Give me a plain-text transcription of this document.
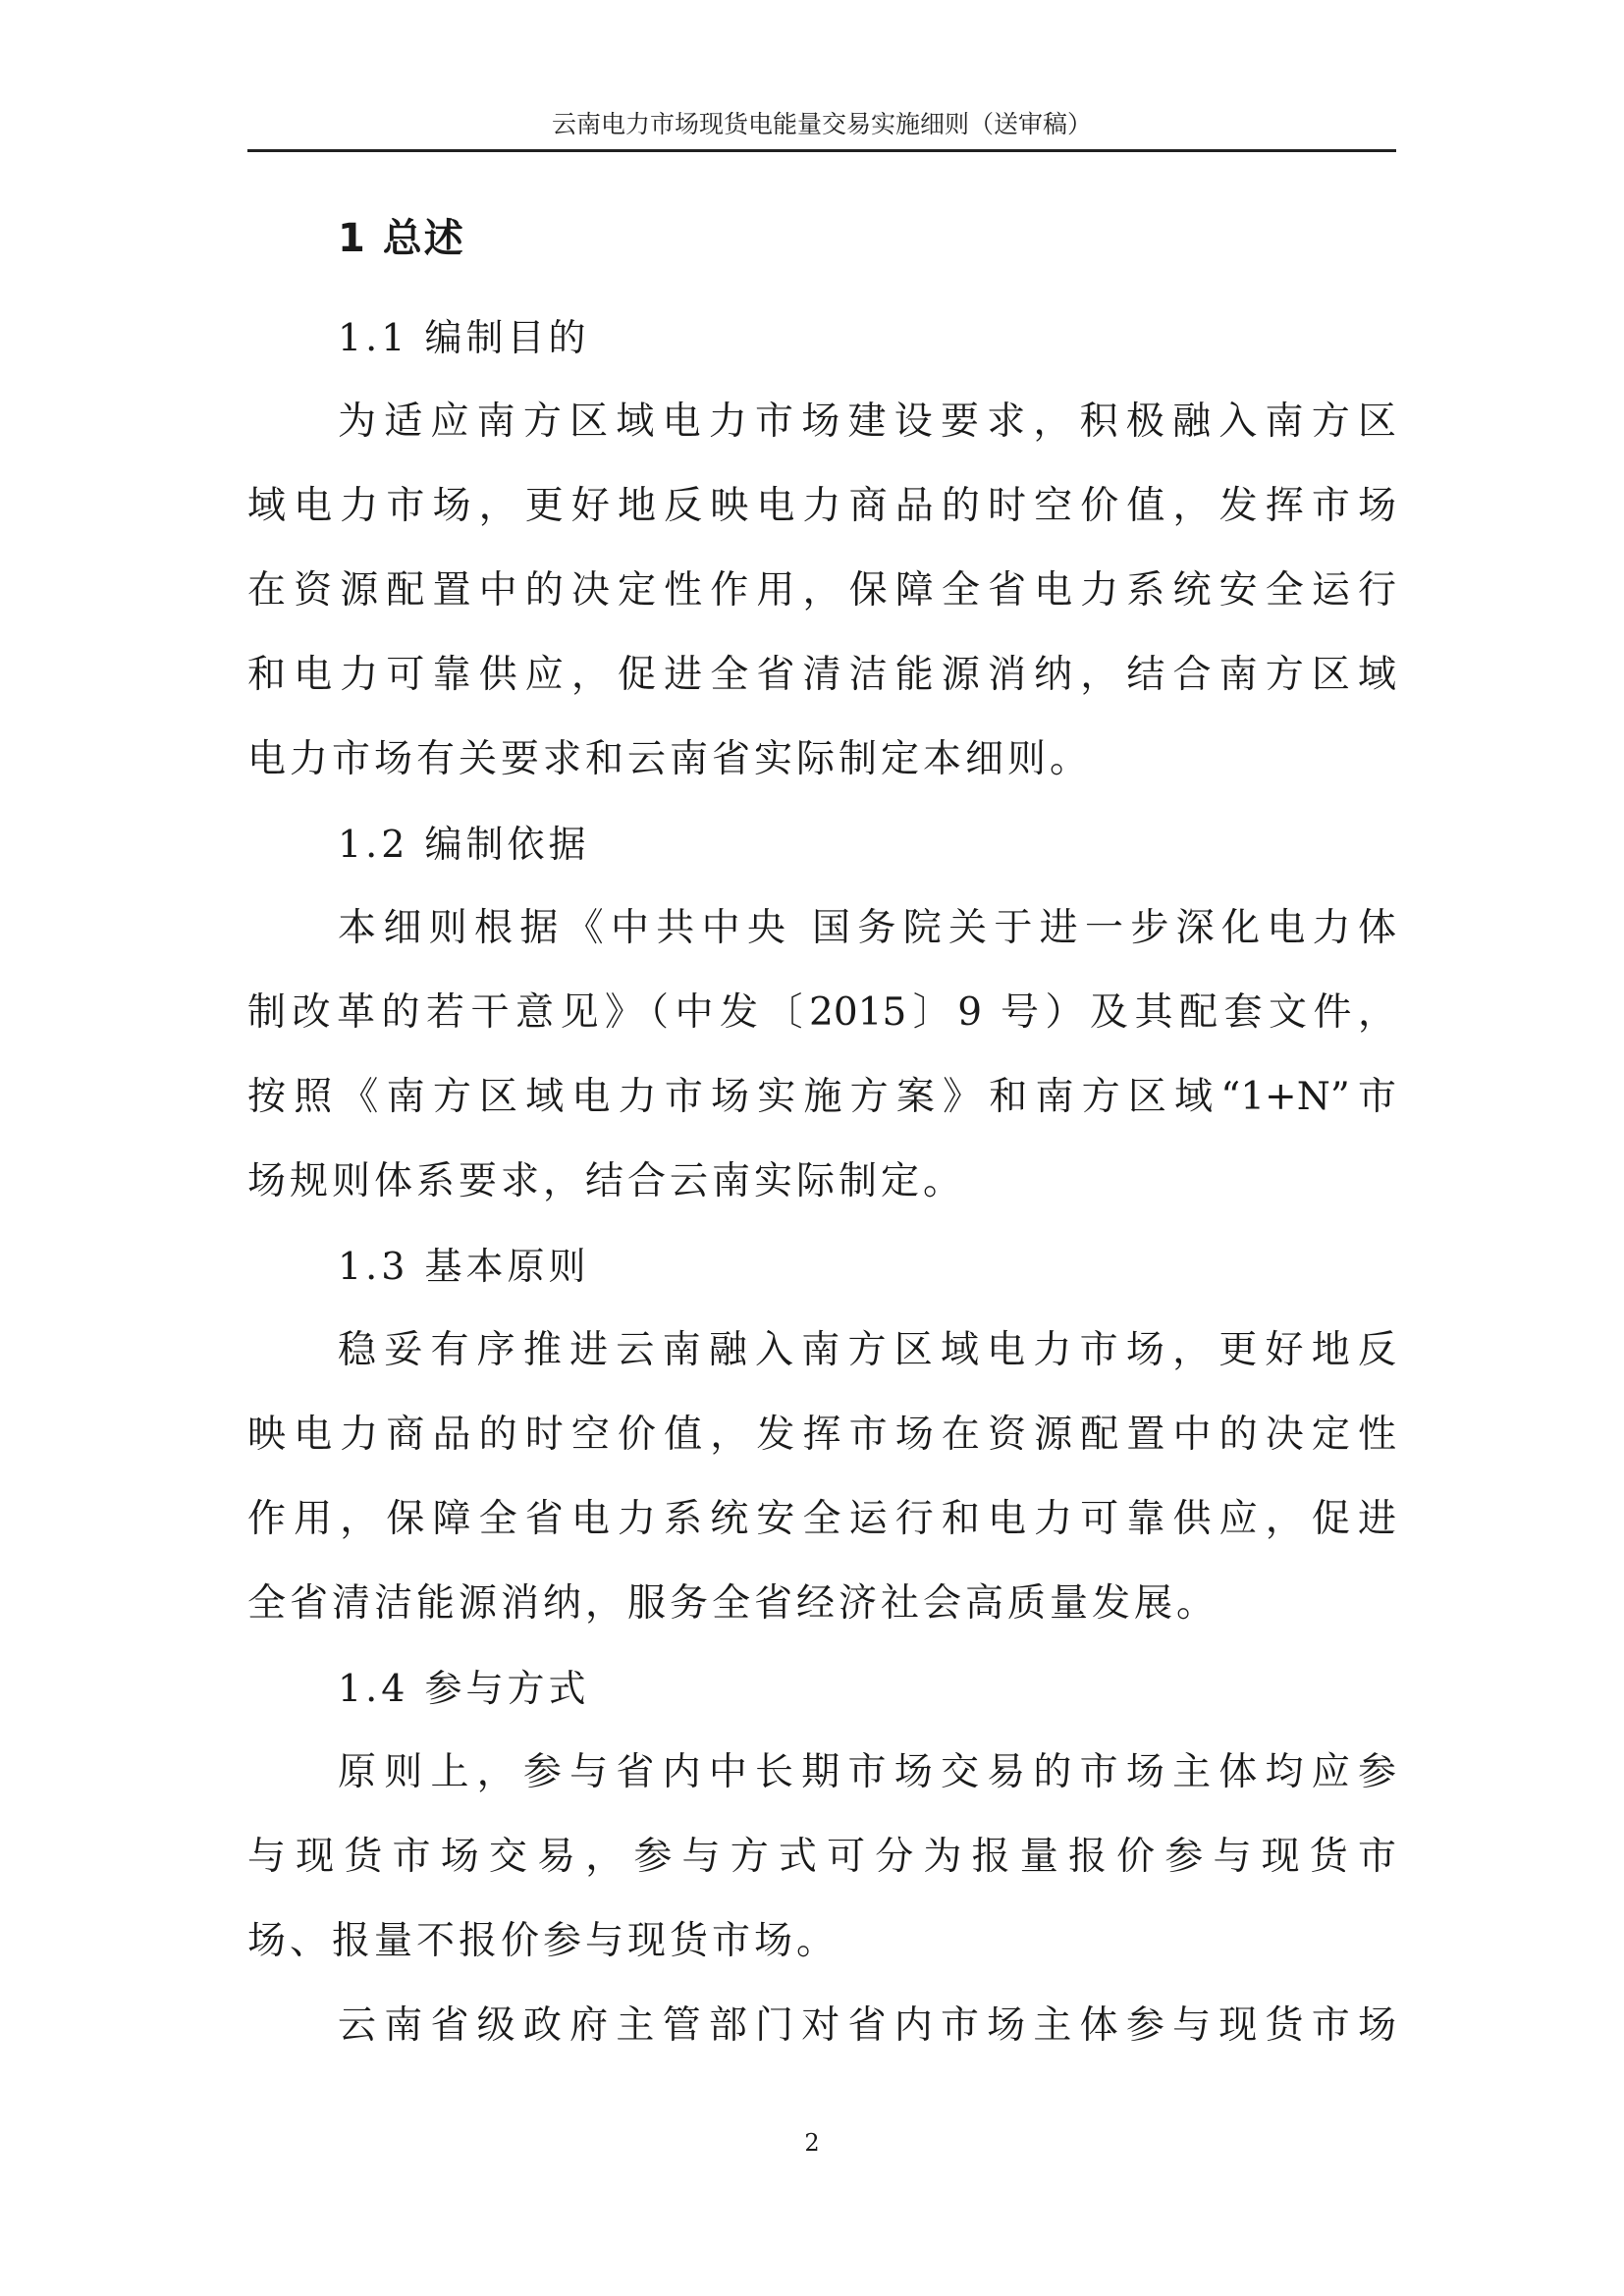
云南电力市场现货电能量交易实施细则（送审稿）
1 总述
1.1 编制目的
为适应南方区域电力市场建设要求，积极融入南方区
域电力市场，更好地反映电力商品的时空价值，发挥市场
在资源配置中的决定性作用，保障全省电力系统安全运行
和电力可靠供应，促进全省清洁能源消纳，结合南方区域
电力市场有关要求和云南省实际制定本细则。
1.2 编制依据
本细则根据《中共中央 国务院关于进一步深化电力体
制改革的若干意见》（中发〔2015〕9 号）及其配套文件，
按照《南方区域电力市场实施方案》和南方区域“1+N”市
场规则体系要求，结合云南实际制定。
1.3 基本原则
稳妥有序推进云南融入南方区域电力市场，更好地反
映电力商品的时空价值，发挥市场在资源配置中的决定性
作用，保障全省电力系统安全运行和电力可靠供应，促进
全省清洁能源消纳，服务全省经济社会高质量发展。
1.4 参与方式
原则上，参与省内中长期市场交易的市场主体均应参
与现货市场交易，参与方式可分为报量报价参与现货市
场、报量不报价参与现货市场。
云南省级政府主管部门对省内市场主体参与现货市场
2
